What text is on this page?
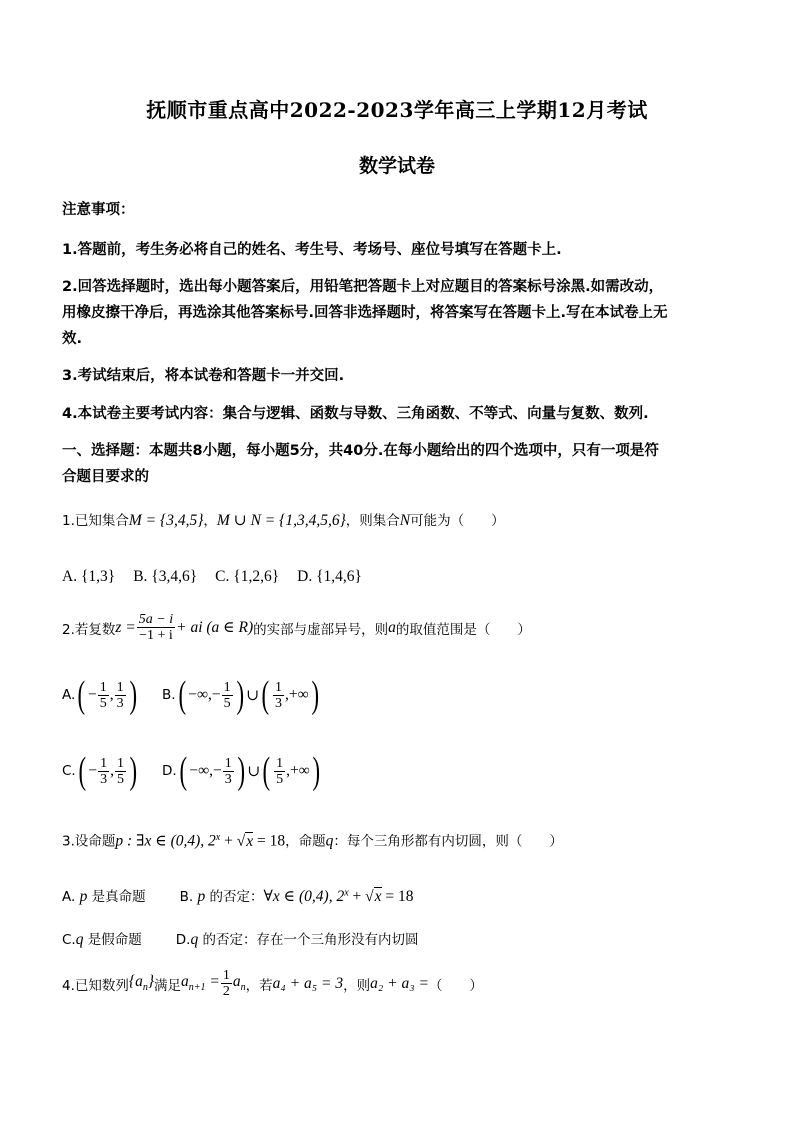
抚顺市重点高中2022-2023学年高三上学期12月考试
数学试卷
注意事项：
1.答题前，考生务必将自己的姓名、考生号、考场号、座位号填写在答题卡上.
2.回答选择题时，选出每小题答案后，用铅笔把答题卡上对应题目的答案标号涂黑.如需改动，
用橡皮擦干净后，再选涂其他答案标号.回答非选择题时，将答案写在答题卡上.写在本试卷上无
效.
3.考试结束后，将本试卷和答题卡一并交回.
4.本试卷主要考试内容：集合与逻辑、函数与导数、三角函数、不等式、向量与复数、数列.
一、选择题：本题共8小题，每小题5分，共40分.在每小题给出的四个选项中，只有一项是符
合题目要求的
1.已知集合M = {3,4,5}，M ∪ N = {1,3,4,5,6}，则集合N可能为（　　）
A. {1,3} B. {3,4,6} C. {1,2,6} D. {1,4,6}
2.若复数 $z = \frac{5a - i}{-1 + i}$ + ai (a ∈ R) 的实部与虚部异号，则 a 的取值范围是（　　）
A. ( − $\frac{1}{5}$ , $\frac{1}{3}$ ) B. ( −∞,− $\frac{1}{5}$ ) ∪ ( $\frac{1}{3}$ ,+∞ )
C. ( − $\frac{1}{3}$ , $\frac{1}{5}$ ) D. ( −∞,− $\frac{1}{3}$ ) ∪ ( $\frac{1}{5}$ ,+∞ )
3.设命题p : ∃x ∈ (0,4), $2^x + √x = 18$，命题q：每个三角形都有内切圆，则（　　）
A. p 是真命题	B. p 的否定：∀x ∈ (0,4), $2^x + √x = 18$
C.q 是假命题	D.q 的否定：存在一个三角形没有内切圆
4.已知数列 $\{a_n\}$ 满足 $a_{n+1} = \frac{1}{2} a_n$ ，若 a₄ + a₅ = 3 ，则 a₂ + a₃ = （　　）
